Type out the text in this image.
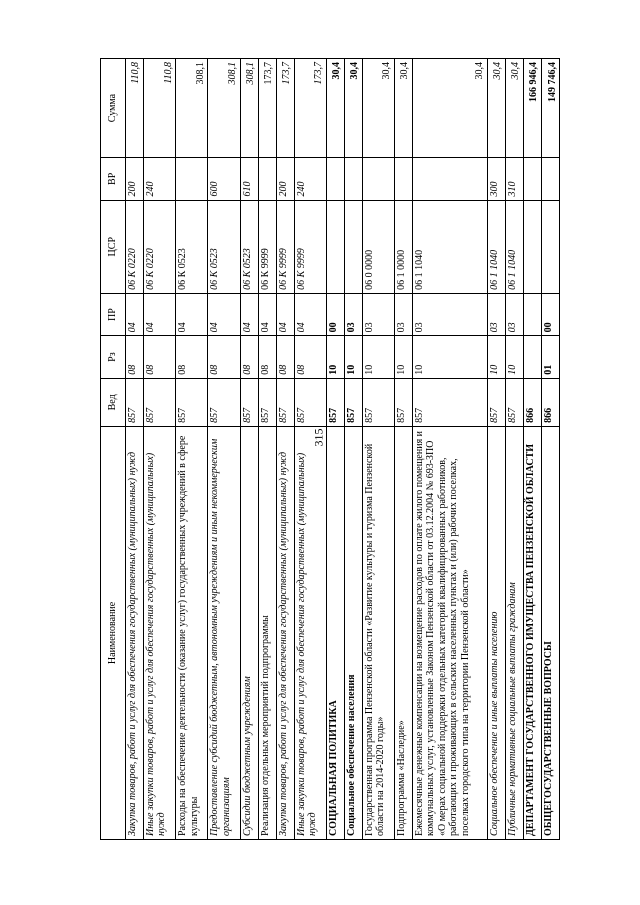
315
Наименование	Вед	Рз	ПР	ЦСР	ВР	Сумма
Закупка товаров, работ и услуг для обеспечения государственных (муниципальных) нужд	857	08	04	06 К 0220	200	110,8
Иные закупки товаров, работ и услуг для обеспечения государственных (муниципальных) нужд	857	08	04	06 К 0220	240	110,8
Расходы на обеспечение деятельности (оказание услуг) государственных учреждений в сфере культуры	857	08	04	06 К 0523		308,1
Предоставление субсидий бюджетным, автономным учреждениям и иным некоммерческим организациям	857	08	04	06 К 0523	600	308,1
Субсидии бюджетным учреждениям	857	08	04	06 К 0523	610	308,1
Реализация отдельных мероприятий подпрограммы	857	08	04	06 К 9999		173,7
Закупка товаров, работ и услуг для обеспечения государственных (муниципальных) нужд	857	08	04	06 К 9999	200	173,7
Иные закупки товаров, работ и услуг для обеспечения государственных (муниципальных) нужд	857	08	04	06 К 9999	240	173,7
СОЦИАЛЬНАЯ ПОЛИТИКА	857	10	00			30,4
Социальное обеспечение населения	857	10	03			30,4
Государственная программа Пензенской области «Развитие культуры и туризма Пензенской области на 2014-2020 годы»	857	10	03	06 0 0000		30,4
Подпрограмма «Наследие»	857	10	03	06 1 0000		30,4
Ежемесячные денежные компенсации на возмещение расходов по оплате жилого помещения и коммунальных услуг, установленные Законом Пензенской области от 03.12.2004 № 693-ЗПО «О мерах социальной поддержки отдельных категорий квалифицированных работников, работающих и проживающих в сельских населенных пунктах и (или) рабочих поселках, поселках городского типа на территории Пензенской области»	857	10	03	06 1 1040		30,4
Социальное обеспечение и иные выплаты населению	857	10	03	06 1 1040	300	30,4
Публичные нормативные социальные выплаты гражданам	857	10	03	06 1 1040	310	30,4
ДЕПАРТАМЕНТ ГОСУДАРСТВЕННОГО ИМУЩЕСТВА ПЕНЗЕНСКОЙ ОБЛАСТИ	866					166 946,4
ОБЩЕГОСУДАРСТВЕННЫЕ ВОПРОСЫ	866	01	00			149 746,4
